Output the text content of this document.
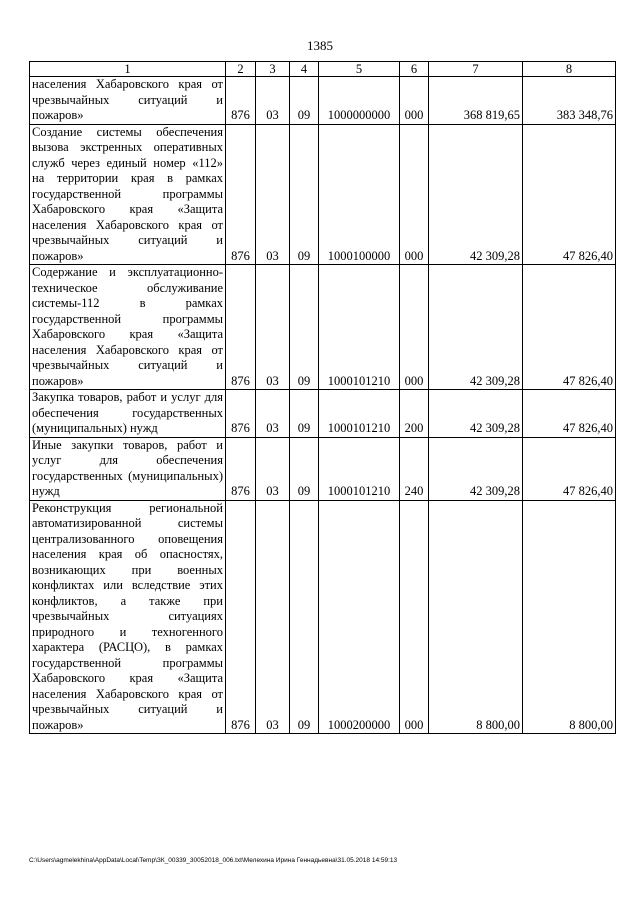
1385
1	2	3	4	5	6	7	8
населения Хабаровского края от чрезвычайных ситуаций и пожаров»	876	03	09	1000000000	000	368 819,65	383 348,76
Создание системы обеспечения вызова экстренных оперативных служб через единый номер «112» на территории края в рамках государственной программы Хабаровского края «Защита населения Хабаровского края от чрезвычайных ситуаций и пожаров»	876	03	09	1000100000	000	42 309,28	47 826,40
Содержание и эксплуатационно-техническое обслуживание системы-112 в рамках государственной программы Хабаровского края «Защита населения Хабаровского края от чрезвычайных ситуаций и пожаров»	876	03	09	1000101210	000	42 309,28	47 826,40
Закупка товаров, работ и услуг для обеспечения государственных (муниципальных) нужд	876	03	09	1000101210	200	42 309,28	47 826,40
Иные закупки товаров, работ и услуг для обеспечения государственных (муниципальных) нужд	876	03	09	1000101210	240	42 309,28	47 826,40
Реконструкция региональной автоматизированной системы централизованного оповещения населения края об опасностях, возникающих при военных конфликтах или вследствие этих конфликтов, а также при чрезвычайных ситуациях природного и техногенного характера (РАСЦО), в рамках государственной программы Хабаровского края «Защита населения Хабаровского края от чрезвычайных ситуаций и пожаров»	876	03	09	1000200000	000	8 800,00	8 800,00
C:\Users\agmelekhina\AppData\Local\Temp\ЗК_00339_30052018_006.txt\Мелехина Ирина Геннадьевна\31.05.2018 14:59:13
